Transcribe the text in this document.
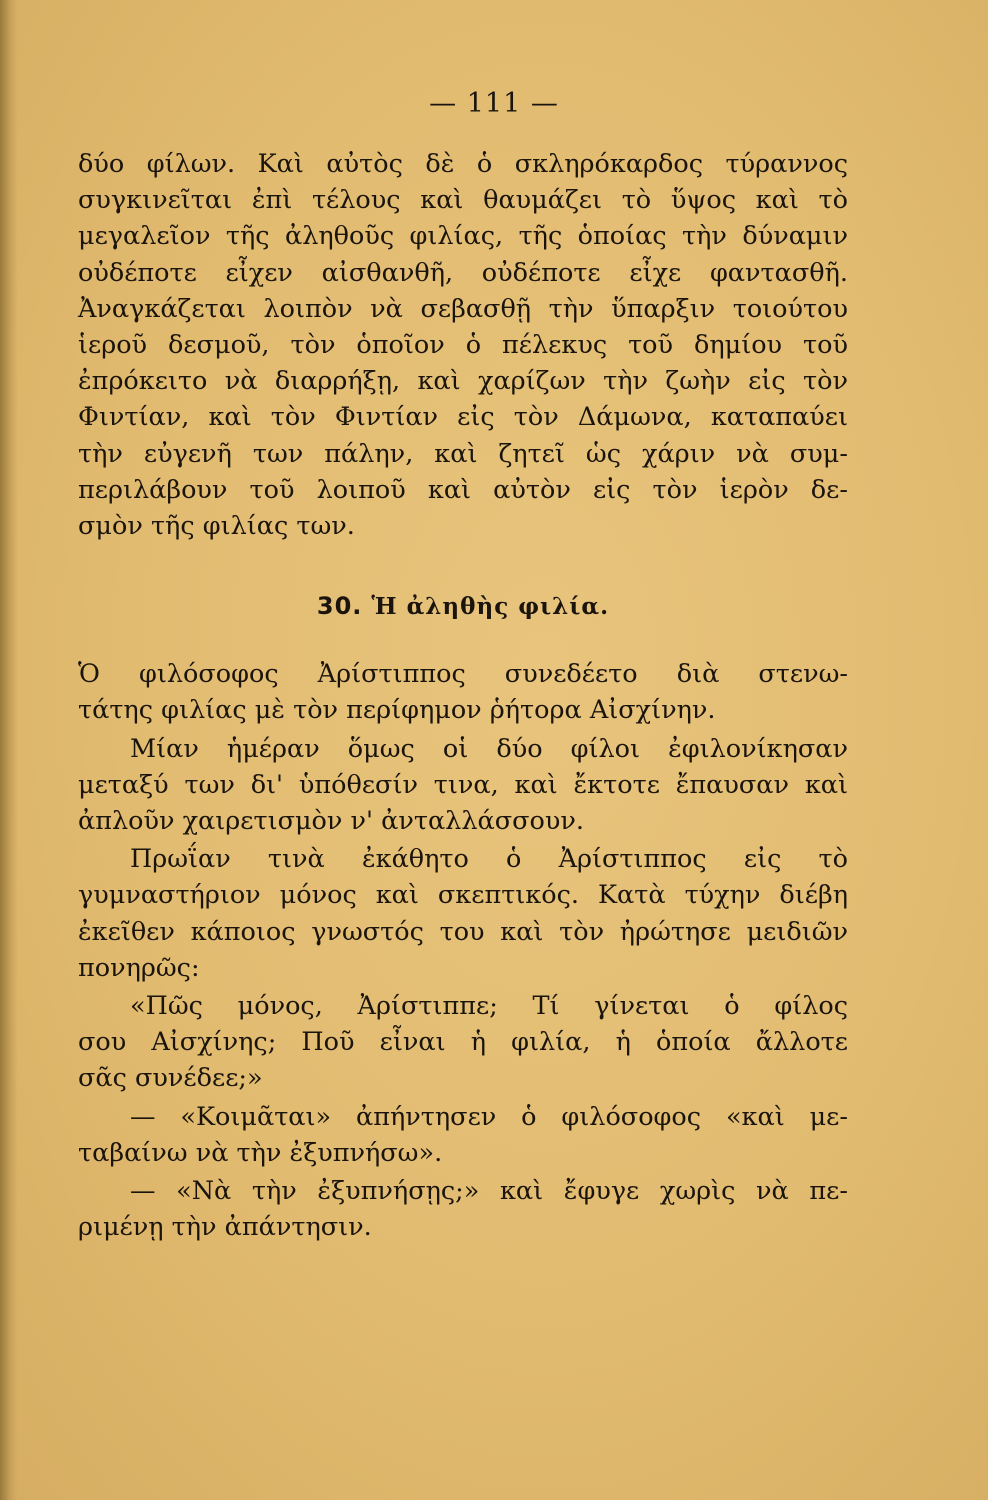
— 111 —
δύο φίλων. Καὶ αὐτὸς δὲ ὁ σκληρόκαρδος τύραννος
συγκινεῖται ἐπὶ τέλους καὶ θαυμάζει τὸ ὕψος καὶ τὸ
μεγαλεῖον τῆς ἀληθοῦς φιλίας, τῆς ὁποίας τὴν δύναμιν
οὐδέποτε εἶχεν αἰσθανθῆ, οὐδέποτε εἶχε φαντασθῆ.
Ἀναγκάζεται λοιπὸν νὰ σεβασθῇ τὴν ὕπαρξιν τοιούτου
ἱεροῦ δεσμοῦ, τὸν ὁποῖον ὁ πέλεκυς τοῦ δημίου τοῦ
ἐπρόκειτο νὰ διαρρήξῃ, καὶ χαρίζων τὴν ζωὴν εἰς τὸν
Φιντίαν, καὶ τὸν Φιντίαν εἰς τὸν Δάμωνα, καταπαύει
τὴν εὐγενῆ των πάλην, καὶ ζητεῖ ὡς χάριν νὰ συμ-
περιλάβουν τοῦ λοιποῦ καὶ αὐτὸν εἰς τὸν ἱερὸν δε-
σμὸν τῆς φιλίας των.
30. Ἡ ἀληθὴς φιλία.
Ὁ φιλόσοφος Ἀρίστιππος συνεδέετο διὰ στενω-
τάτης φιλίας μὲ τὸν περίφημον ῥήτορα Αἰσχίνην.
Μίαν ἡμέραν ὅμως οἱ δύο φίλοι ἐφιλονίκησαν
μεταξύ των δι' ὑπόθεσίν τινα, καὶ ἔκτοτε ἔπαυσαν καὶ
ἀπλοῦν χαιρετισμὸν ν' ἀνταλλάσσουν.
Πρωΐαν τινὰ ἐκάθητο ὁ Ἀρίστιππος εἰς τὸ
γυμναστήριον μόνος καὶ σκεπτικός. Κατὰ τύχην διέβη
ἐκεῖθεν κάποιος γνωστός του καὶ τὸν ἠρώτησε μειδιῶν
πονηρῶς:
«Πῶς μόνος, Ἀρίστιππε; Τί γίνεται ὁ φίλος
σου Αἰσχίνης; Ποῦ εἶναι ἡ φιλία, ἡ ὁποία ἄλλοτε
σᾶς συνέδεε;»
— «Κοιμᾶται» ἀπήντησεν ὁ φιλόσοφος «καὶ με-
ταβαίνω νὰ τὴν ἐξυπνήσω».
— «Νὰ τὴν ἐξυπνήσῃς;» καὶ ἔφυγε χωρὶς νὰ πε-
ριμένῃ τὴν ἀπάντησιν.
